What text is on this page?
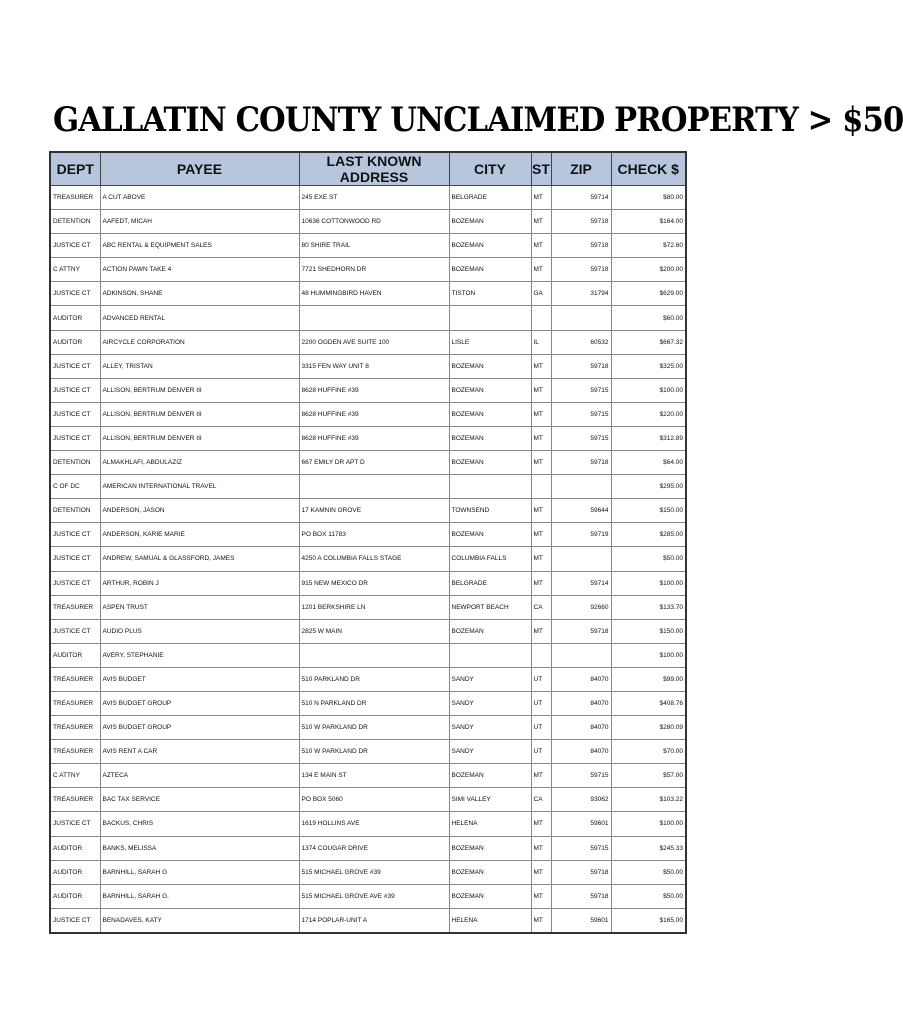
GALLATIN COUNTY UNCLAIMED PROPERTY > $50
DEPT	PAYEE	LAST KNOWN ADDRESS	CITY	ST	ZIP	CHECK $
TREASURER	A CUT ABOVE	245 EXE ST	BELGRADE	MT	59714	$80.00
DETENTION	AAFEDT, MICAH	10636 COTTONWOOD RD	BOZEMAN	MT	59718	$164.00
JUSTICE CT	ABC RENTAL & EQUIPMENT SALES	80 SHIRE TRAIL	BOZEMAN	MT	59718	$72.60
C ATTNY	ACTION PAWN TAKE 4	7721 SHEDHORN DR	BOZEMAN	MT	59718	$200.00
JUSTICE CT	ADKINSON, SHANE	48 HUMMINGBIRD HAVEN	TISTON	GA	31794	$629.00
AUDITOR	ADVANCED RENTAL					$60.00
AUDITOR	AIRCYCLE CORPORATION	2200 OGDEN AVE SUITE 100	LISLE	IL	60532	$667.32
JUSTICE CT	ALLEY, TRISTAN	3315 FEN WAY UNIT 8	BOZEMAN	MT	59718	$325.00
JUSTICE CT	ALLISON, BERTRUM DENVER III	8628 HUFFINE #39	BOZEMAN	MT	59715	$100.00
JUSTICE CT	ALLISON, BERTRUM DENVER III	8628 HUFFINE #39	BOZEMAN	MT	59715	$220.00
JUSTICE CT	ALLISON, BERTRUM DENVER III	8628 HUFFINE #39	BOZEMAN	MT	59715	$312.89
DETENTION	ALMAKHLAFI, ABDULAZIZ	667 EMILY DR APT D	BOZEMAN	MT	59718	$64.00
C OF DC	AMERICAN INTERNATIONAL TRAVEL					$295.00
DETENTION	ANDERSON, JASON	17 KAMNIN GROVE	TOWNSEND	MT	59644	$150.00
JUSTICE CT	ANDERSON, KARIE MARIE	PO BOX 11783	BOZEMAN	MT	59719	$285.00
JUSTICE CT	ANDREW, SAMUAL & GLASSFORD, JAMES	4250 A COLUMBIA FALLS STAGE	COLUMBIA FALLS	MT		$50.00
JUSTICE CT	ARTHUR, ROBIN J	915 NEW MEXICO DR	BELGRADE	MT	59714	$100.00
TREASURER	ASPEN TRUST	1201 BERKSHIRE LN	NEWPORT BEACH	CA	92660	$133.70
JUSTICE CT	AUDIO PLUS	2825 W MAIN	BOZEMAN	MT	59718	$150.00
AUDITOR	AVERY, STEPHANIE					$100.00
TREASURER	AVIS BUDGET	510 PARKLAND DR	SANDY	UT	84070	$99.00
TREASURER	AVIS BUDGET GROUP	510 N PARKLAND DR	SANDY	UT	84070	$408.76
TREASURER	AVIS BUDGET GROUP	510 W PARKLAND DR	SANDY	UT	84070	$280.09
TREASURER	AVIS RENT A CAR	510 W PARKLAND DR	SANDY	UT	84070	$70.00
C ATTNY	AZTECA	134 E MAIN ST	BOZEMAN	MT	59715	$57.00
TREASURER	BAC TAX SERVICE	PO BOX 5060	SIMI VALLEY	CA	93062	$103.22
JUSTICE CT	BACKUS, CHRIS	1619 HOLLINS AVE	HELENA	MT	59601	$100.00
AUDITOR	BANKS, MELISSA	1374 COUGAR DRIVE	BOZEMAN	MT	59715	$245.33
AUDITOR	BARNHILL, SARAH G	515 MICHAEL GROVE #39	BOZEMAN	MT	59718	$50.00
AUDITOR	BARNHILL, SARAH G.	515 MICHAEL GROVE AVE #39	BOZEMAN	MT	59718	$50.00
JUSTICE CT	BENADAVES, KATY	1714 POPLAR-UNIT A	HELENA	MT	59601	$165.00
